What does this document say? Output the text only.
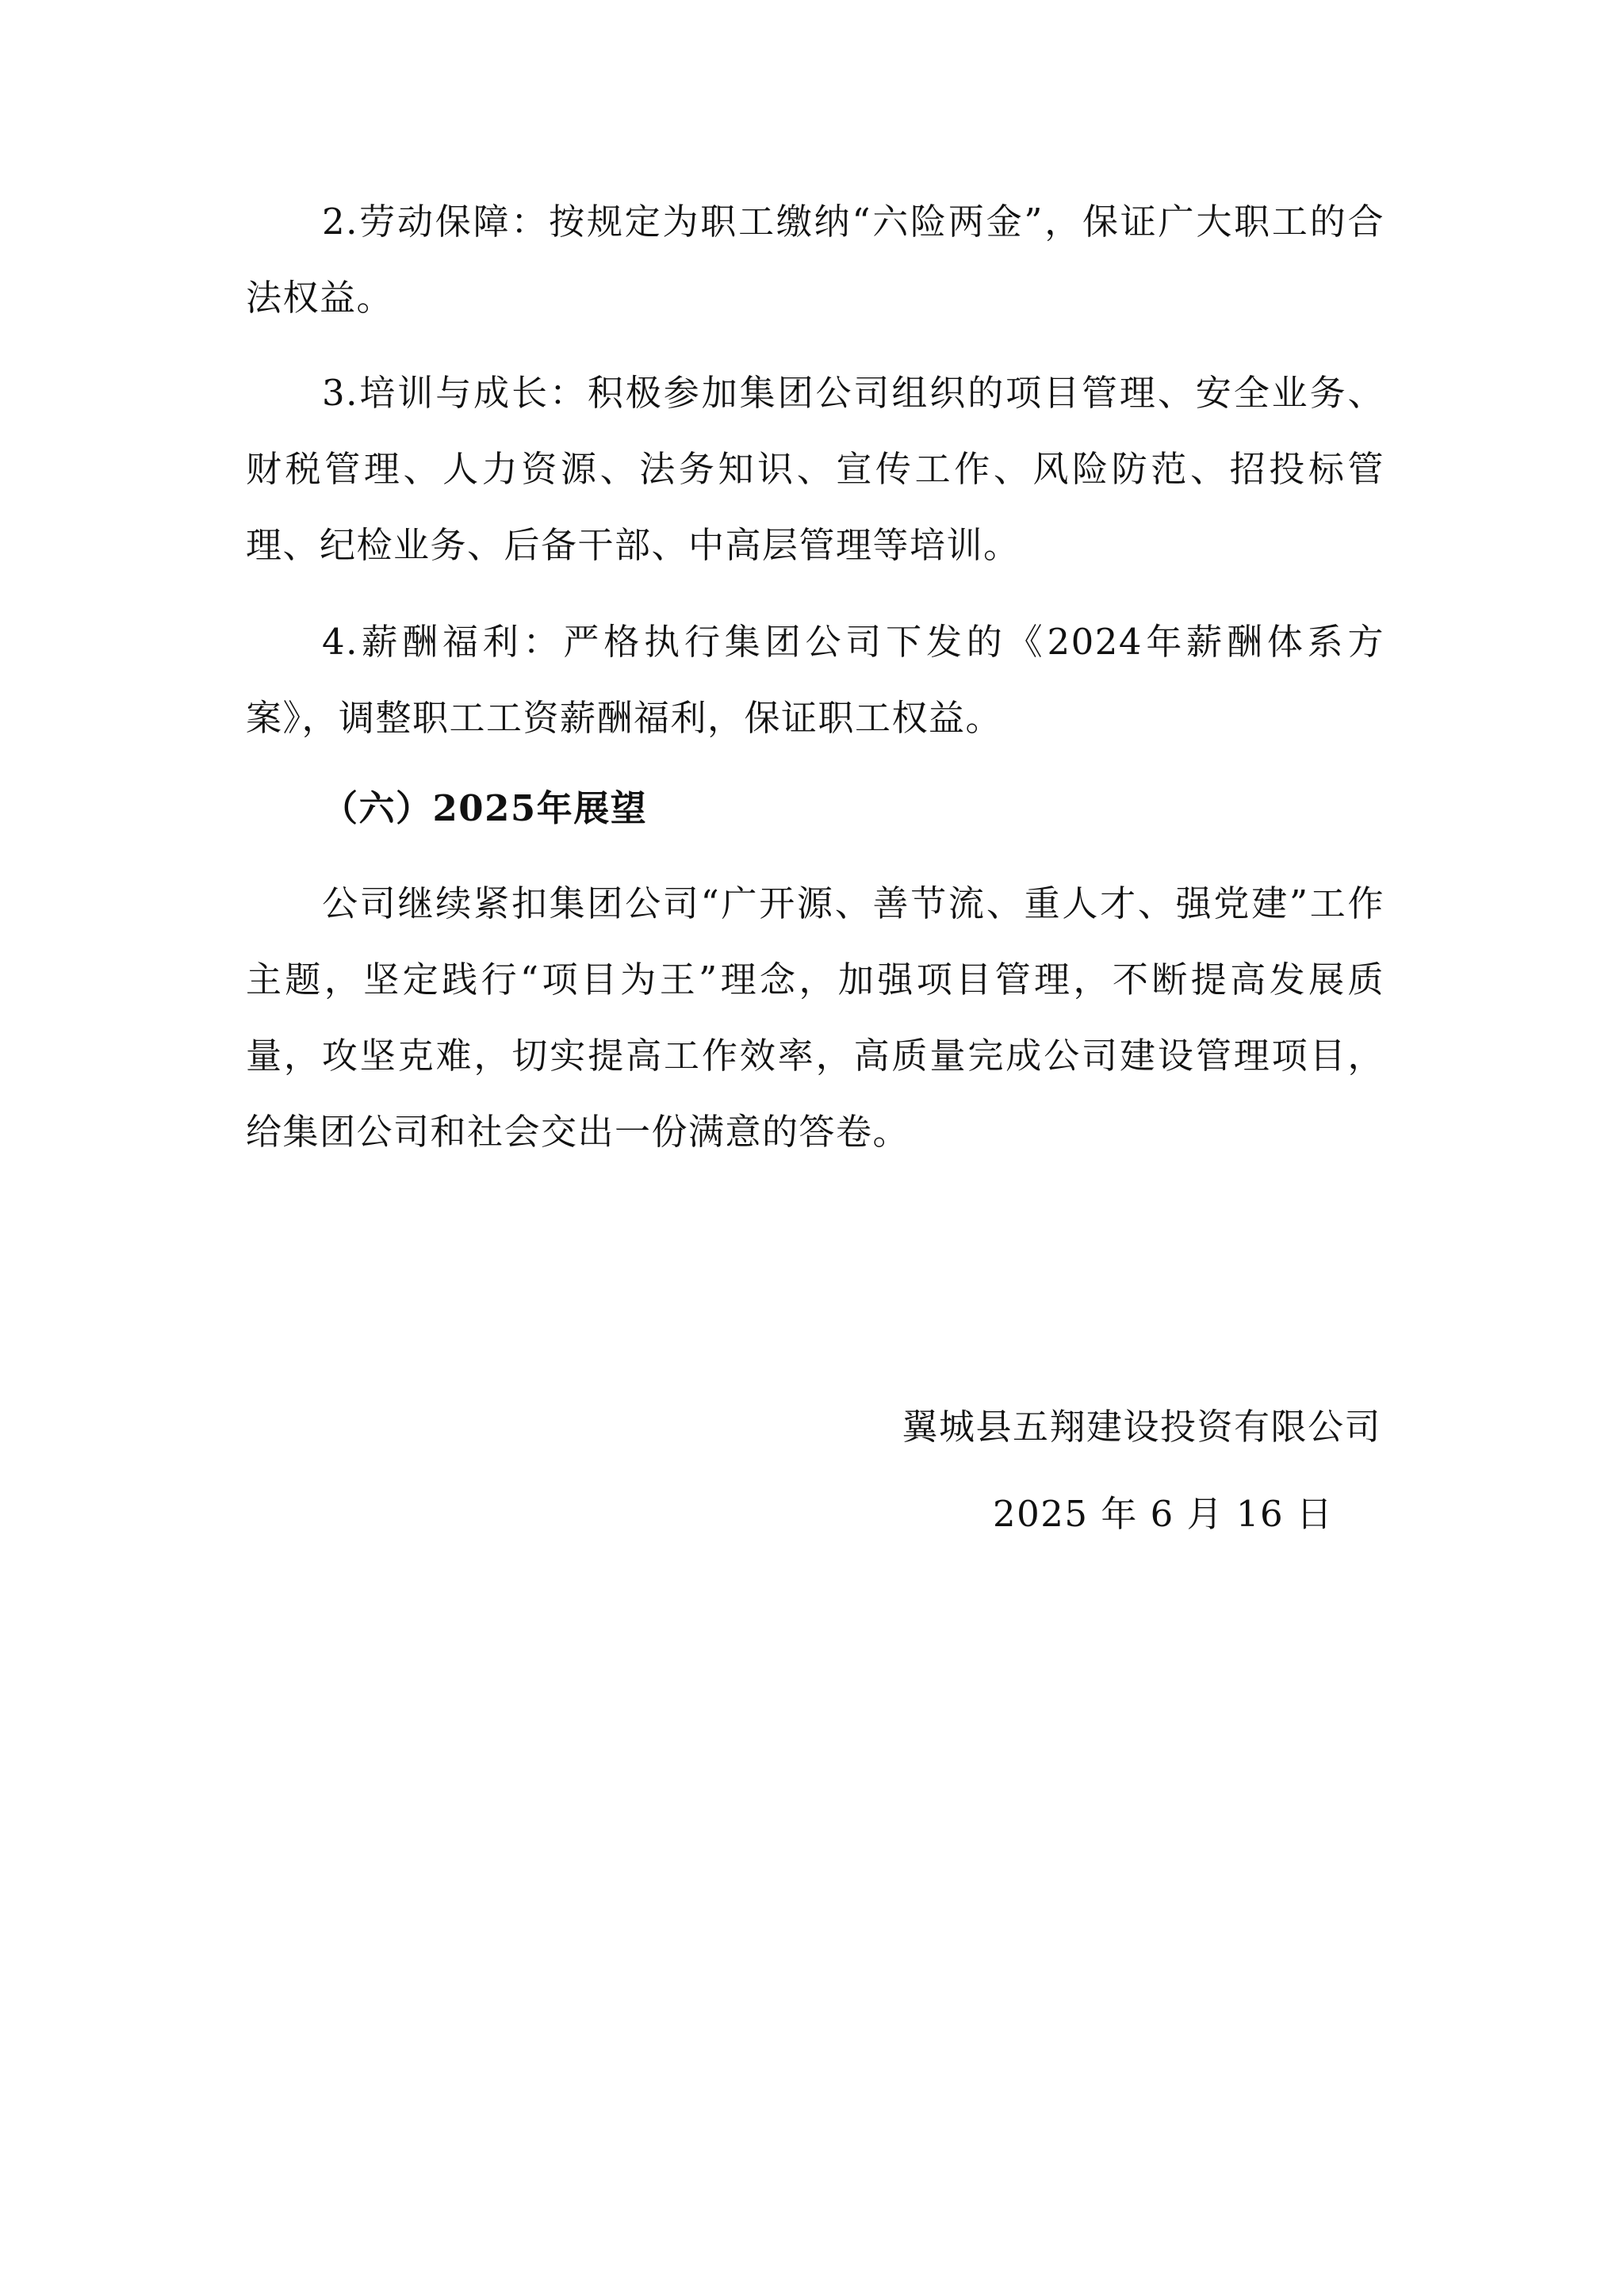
2.劳动保障：按规定为职工缴纳“六险两金”，保证广大职工的合法权益。

3.培训与成长：积极参加集团公司组织的项目管理、安全业务、财税管理、人力资源、法务知识、宣传工作、风险防范、招投标管理、纪检业务、后备干部、中高层管理等培训。

4.薪酬福利：严格执行集团公司下发的《2024年薪酬体系方案》，调整职工工资薪酬福利，保证职工权益。

（六）2025年展望

公司继续紧扣集团公司“广开源、善节流、重人才、强党建”工作主题，坚定践行“项目为王”理念，加强项目管理，不断提高发展质量，攻坚克难，切实提高工作效率，高质量完成公司建设管理项目，给集团公司和社会交出一份满意的答卷。

翼城县五翔建设投资有限公司
2025 年 6 月 16 日
